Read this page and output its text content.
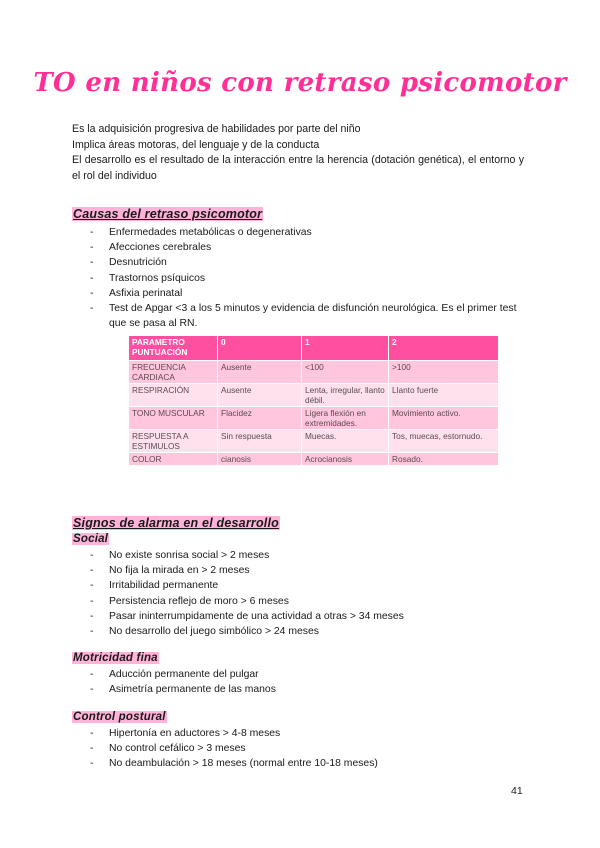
TO en niños con retraso psicomotor

Es la adquisición progresiva de habilidades por parte del niño

Implica áreas motoras, del lenguaje y de la conducta

El desarrollo es el resultado de la interacción entre la herencia (dotación genética), el entorno y el rol del individuo

Causas del retraso psicomotor
- Enfermedades metabólicas o degenerativas
- Afecciones cerebrales
- Desnutrición
- Trastornos psíquicos
- Asfixia perinatal
- Test de Apgar <3 a los 5 minutos y evidencia de disfunción neurológica. Es el primer test que se pasa al RN.
PARAMETRO PUNTUACIÓN	0	1	2
FRECUENCIA CARDIACA	Ausente	<100	>100
RESPIRACIÓN	Ausente	Lenta, irregular, llanto débil.	Llanto fuerte
TONO MUSCULAR	Flacidez	Ligera flexión en extremidades.	Movimiento activo.
RESPUESTA A ESTIMULOS	Sin respuesta	Muecas.	Tos, muecas, estornudo.
COLOR	cianosis	Acrocianosis	Rosado.
Signos de alarma en el desarrollo
Social
- No existe sonrisa social > 2 meses
- No fija la mirada en > 2 meses
- Irritabilidad permanente
- Persistencia reflejo de moro > 6 meses
- Pasar ininterrumpidamente de una actividad a otras > 34 meses
- No desarrollo del juego simbólico > 24 meses
Motricidad fina
- Aducción permanente del pulgar
- Asimetría permanente de las manos
Control postural
- Hipertonía en aductores > 4-8 meses
- No control cefálico > 3 meses
- No deambulación > 18 meses (normal entre 10-18 meses)
41
